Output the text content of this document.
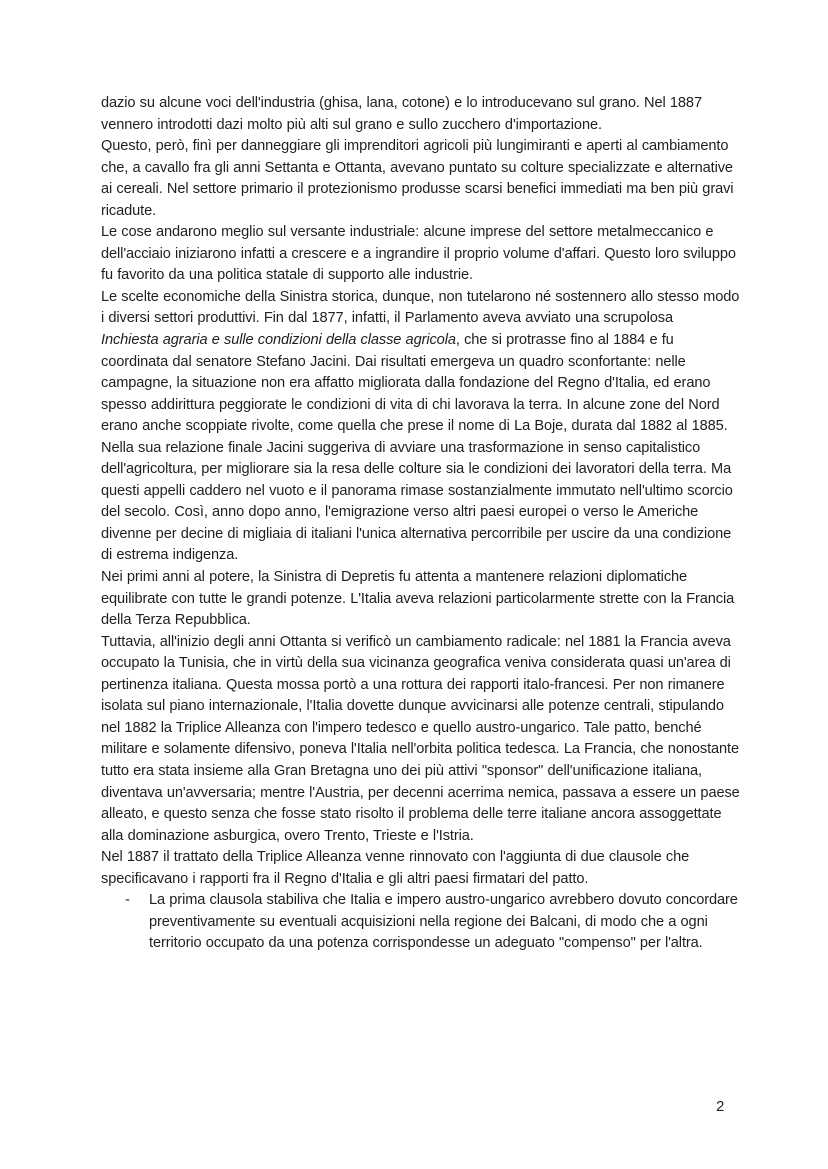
dazio su alcune voci dell'industria (ghisa, lana, cotone) e lo introducevano sul grano. Nel 1887 vennero introdotti dazi molto più alti sul grano e sullo zucchero d'importazione.

Questo, però, finì per danneggiare gli imprenditori agricoli più lungimiranti e aperti al cambiamento che, a cavallo fra gli anni Settanta e Ottanta, avevano puntato su colture specializzate e alternative ai cereali. Nel settore primario il protezionismo produsse scarsi benefici immediati ma ben più gravi ricadute.

Le cose andarono meglio sul versante industriale: alcune imprese del settore metalmeccanico e dell'acciaio iniziarono infatti a crescere e a ingrandire il proprio volume d'affari. Questo loro sviluppo fu favorito da una politica statale di supporto alle industrie.

Le scelte economiche della Sinistra storica, dunque, non tutelarono né sostennero allo stesso modo i diversi settori produttivi. Fin dal 1877, infatti, il Parlamento aveva avviato una scrupolosa

Inchiesta agraria e sulle condizioni della classe agricola, che si protrasse fino al 1884 e fu coordinata dal senatore Stefano Jacini. Dai risultati emergeva un quadro sconfortante: nelle campagne, la situazione non era affatto migliorata dalla fondazione del Regno d'Italia, ed erano spesso addirittura peggiorate le condizioni di vita di chi lavorava la terra. In alcune zone del Nord erano anche scoppiate rivolte, come quella che prese il nome di La Boje, durata dal 1882 al 1885.

Nella sua relazione finale Jacini suggeriva di avviare una trasformazione in senso capitalistico dell'agricoltura, per migliorare sia la resa delle colture sia le condizioni dei lavoratori della terra. Ma questi appelli caddero nel vuoto e il panorama rimase sostanzialmente immutato nell'ultimo scorcio del secolo. Così, anno dopo anno, l'emigrazione verso altri paesi europei o verso le Americhe divenne per decine di migliaia di italiani l'unica alternativa percorribile per uscire da una condizione di estrema indigenza.

Nei primi anni al potere, la Sinistra di Depretis fu attenta a mantenere relazioni diplomatiche equilibrate con tutte le grandi potenze. L'Italia aveva relazioni particolarmente strette con la Francia della Terza Repubblica.

Tuttavia, all'inizio degli anni Ottanta si verificò un cambiamento radicale: nel 1881 la Francia aveva occupato la Tunisia, che in virtù della sua vicinanza geografica veniva considerata quasi un'area di pertinenza italiana. Questa mossa portò a una rottura dei rapporti italo-francesi. Per non rimanere isolata sul piano internazionale, l'Italia dovette dunque avvicinarsi alle potenze centrali, stipulando nel 1882 la Triplice Alleanza con l'impero tedesco e quello austro-ungarico. Tale patto, benché militare e solamente difensivo, poneva l'Italia nell'orbita politica tedesca. La Francia, che nonostante tutto era stata insieme alla Gran Bretagna uno dei più attivi "sponsor" dell'unificazione italiana, diventava un'avversaria; mentre l'Austria, per decenni acerrima nemica, passava a essere un paese alleato, e questo senza che fosse stato risolto il problema delle terre italiane ancora assoggettate alla dominazione asburgica, overo Trento, Trieste e l'Istria.

Nel 1887 il trattato della Triplice Alleanza venne rinnovato con l'aggiunta di due clausole che specificavano i rapporti fra il Regno d'Italia e gli altri paesi firmatari del patto.

- La prima clausola stabiliva che Italia e impero austro-ungarico avrebbero dovuto concordare preventivamente su eventuali acquisizioni nella regione dei Balcani, di modo che a ogni territorio occupato da una potenza corrispondesse un adeguato "compenso" per l'altra.
2
